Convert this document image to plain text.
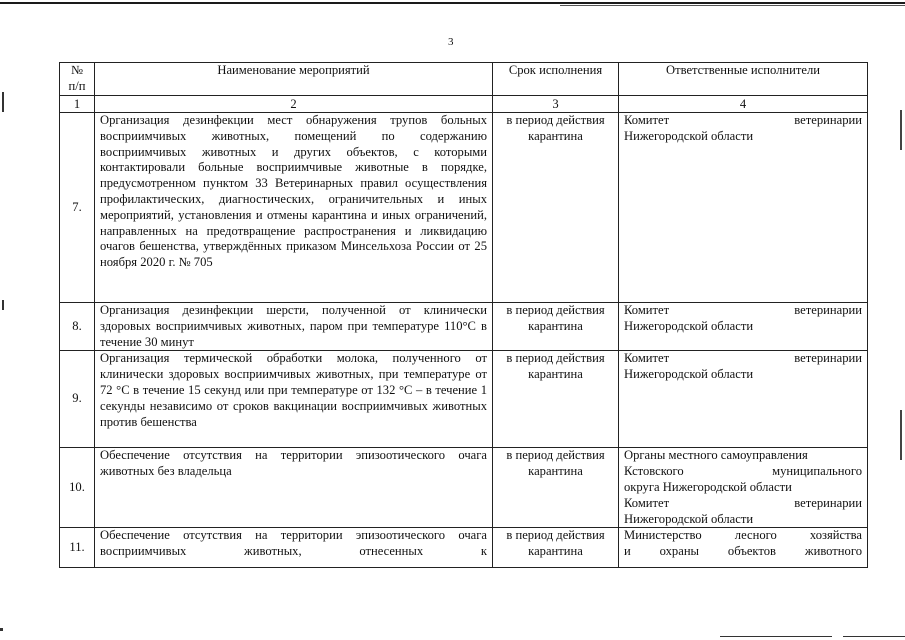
3
№ п/п	Наименование мероприятий	Срок исполнения	Ответственные исполнители
1	2	3	4
7.	Организация дезинфекции мест обнаружения трупов больных восприимчивых животных, помещений по содержанию восприимчивых животных и других объектов, с которыми контактировали больные восприимчивые животные в порядке, предусмотренном пунктом 33 Ветеринарных правил осуществления профилактических, диагностических, ограничительных и иных мероприятий, установления и отмены карантина и иных ограничений, направленных на предотвращение распространения и ликвидацию очагов бешенства, утверждённых приказом Минсельхоза России от 25 ноября 2020 г. № 705	в период действия карантина	Комитет ветеринарии
Нижегородской области

8.	Организация дезинфекции шерсти, полученной от клинически здоровых восприимчивых животных, паром при температуре 110°С в течение 30 минут	в период действия карантина	Комитет ветеринарии
Нижегородской области

9.	Организация термической обработки молока, полученного от клинически здоровых восприимчивых животных, при температуре от 72 °С в течение 15 секунд или при температуре от 132 °С – в течение 1 секунды независимо от сроков вакцинации восприимчивых животных против бешенства	в период действия карантина	Комитет ветеринарии
Нижегородской области

10.	Обеспечение отсутствия на территории эпизоотического очага животных без владельца	в период действия карантина	Органы местного самоуправления
Кстовского муниципального
округа Нижегородской области
Комитет ветеринарии
Нижегородской области

11.	Обеспечение отсутствия на территории эпизоотического очага восприимчивых животных, отнесенных к	в период действия карантина	Министерство лесного хозяйства
и охраны объектов животного
